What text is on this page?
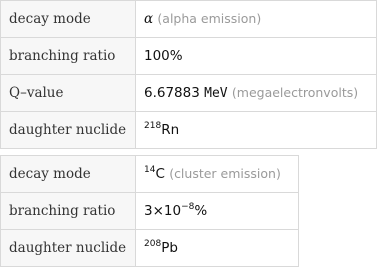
decay mode	α (alpha emission)
branching ratio	100%
Q–value	6.67883 MeV (megaelectronvolts)
daughter nuclide	$^{218}$Rn
decay mode	$^{14}$C (cluster emission)
branching ratio	$3\times 10^{-8}\%$
daughter nuclide	$^{208}$Pb
